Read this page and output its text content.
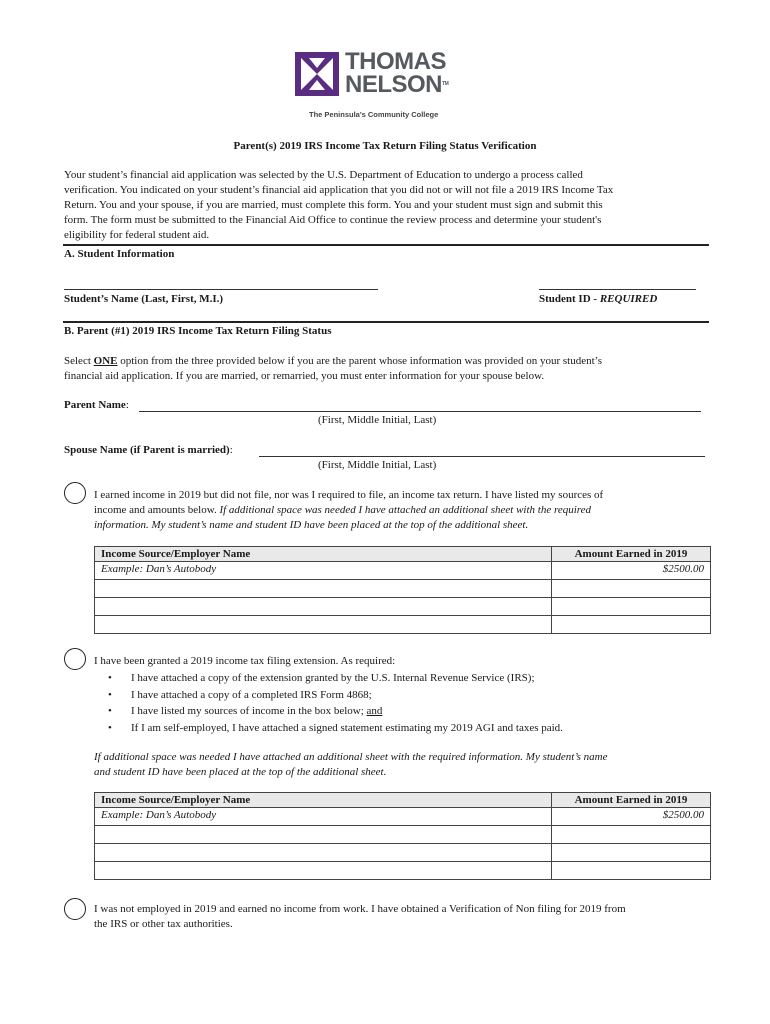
THOMAS
NELSONTM
The Peninsula's Community College
Parent(s) 2019 IRS Income Tax Return Filing Status Verification
Your student’s financial aid application was selected by the U.S. Department of Education to undergo a process called
verification. You indicated on your student’s financial aid application that you did not or will not file a 2019 IRS Income Tax
Return. You and your spouse, if you are married, must complete this form. You and your student must sign and submit this
form. The form must be submitted to the Financial Aid Office to continue the review process and determine your student's
eligibility for federal student aid.
A. Student Information
Student’s Name (Last, First, M.I.)	Student ID - REQUIRED
B. Parent (#1) 2019 IRS Income Tax Return Filing Status
Select ONE option from the three provided below if you are the parent whose information was provided on your student’s
financial aid application. If you are married, or remarried, you must enter information for your spouse below.
Parent Name:
(First, Middle Initial, Last)
Spouse Name (if Parent is married):
(First, Middle Initial, Last)
I earned income in 2019 but did not file, nor was I required to file, an income tax return. I have listed my sources of
income and amounts below. If additional space was needed I have attached an additional sheet with the required
information. My student’s name and student ID have been placed at the top of the additional sheet.
Income Source/Employer Name	Amount Earned in 2019
Example: Dan’s Autobody	$2500.00

I have been granted a 2019 income tax filing extension. As required:
• I have attached a copy of the extension granted by the U.S. Internal Revenue Service (IRS);
• I have attached a copy of a completed IRS Form 4868;
• I have listed my sources of income in the box below; and
• If I am self-employed, I have attached a signed statement estimating my 2019 AGI and taxes paid.
If additional space was needed I have attached an additional sheet with the required information. My student’s name
and student ID have been placed at the top of the additional sheet.
Income Source/Employer Name	Amount Earned in 2019
Example: Dan’s Autobody	$2500.00

I was not employed in 2019 and earned no income from work. I have obtained a Verification of Non filing for 2019 from
the IRS or other tax authorities.
